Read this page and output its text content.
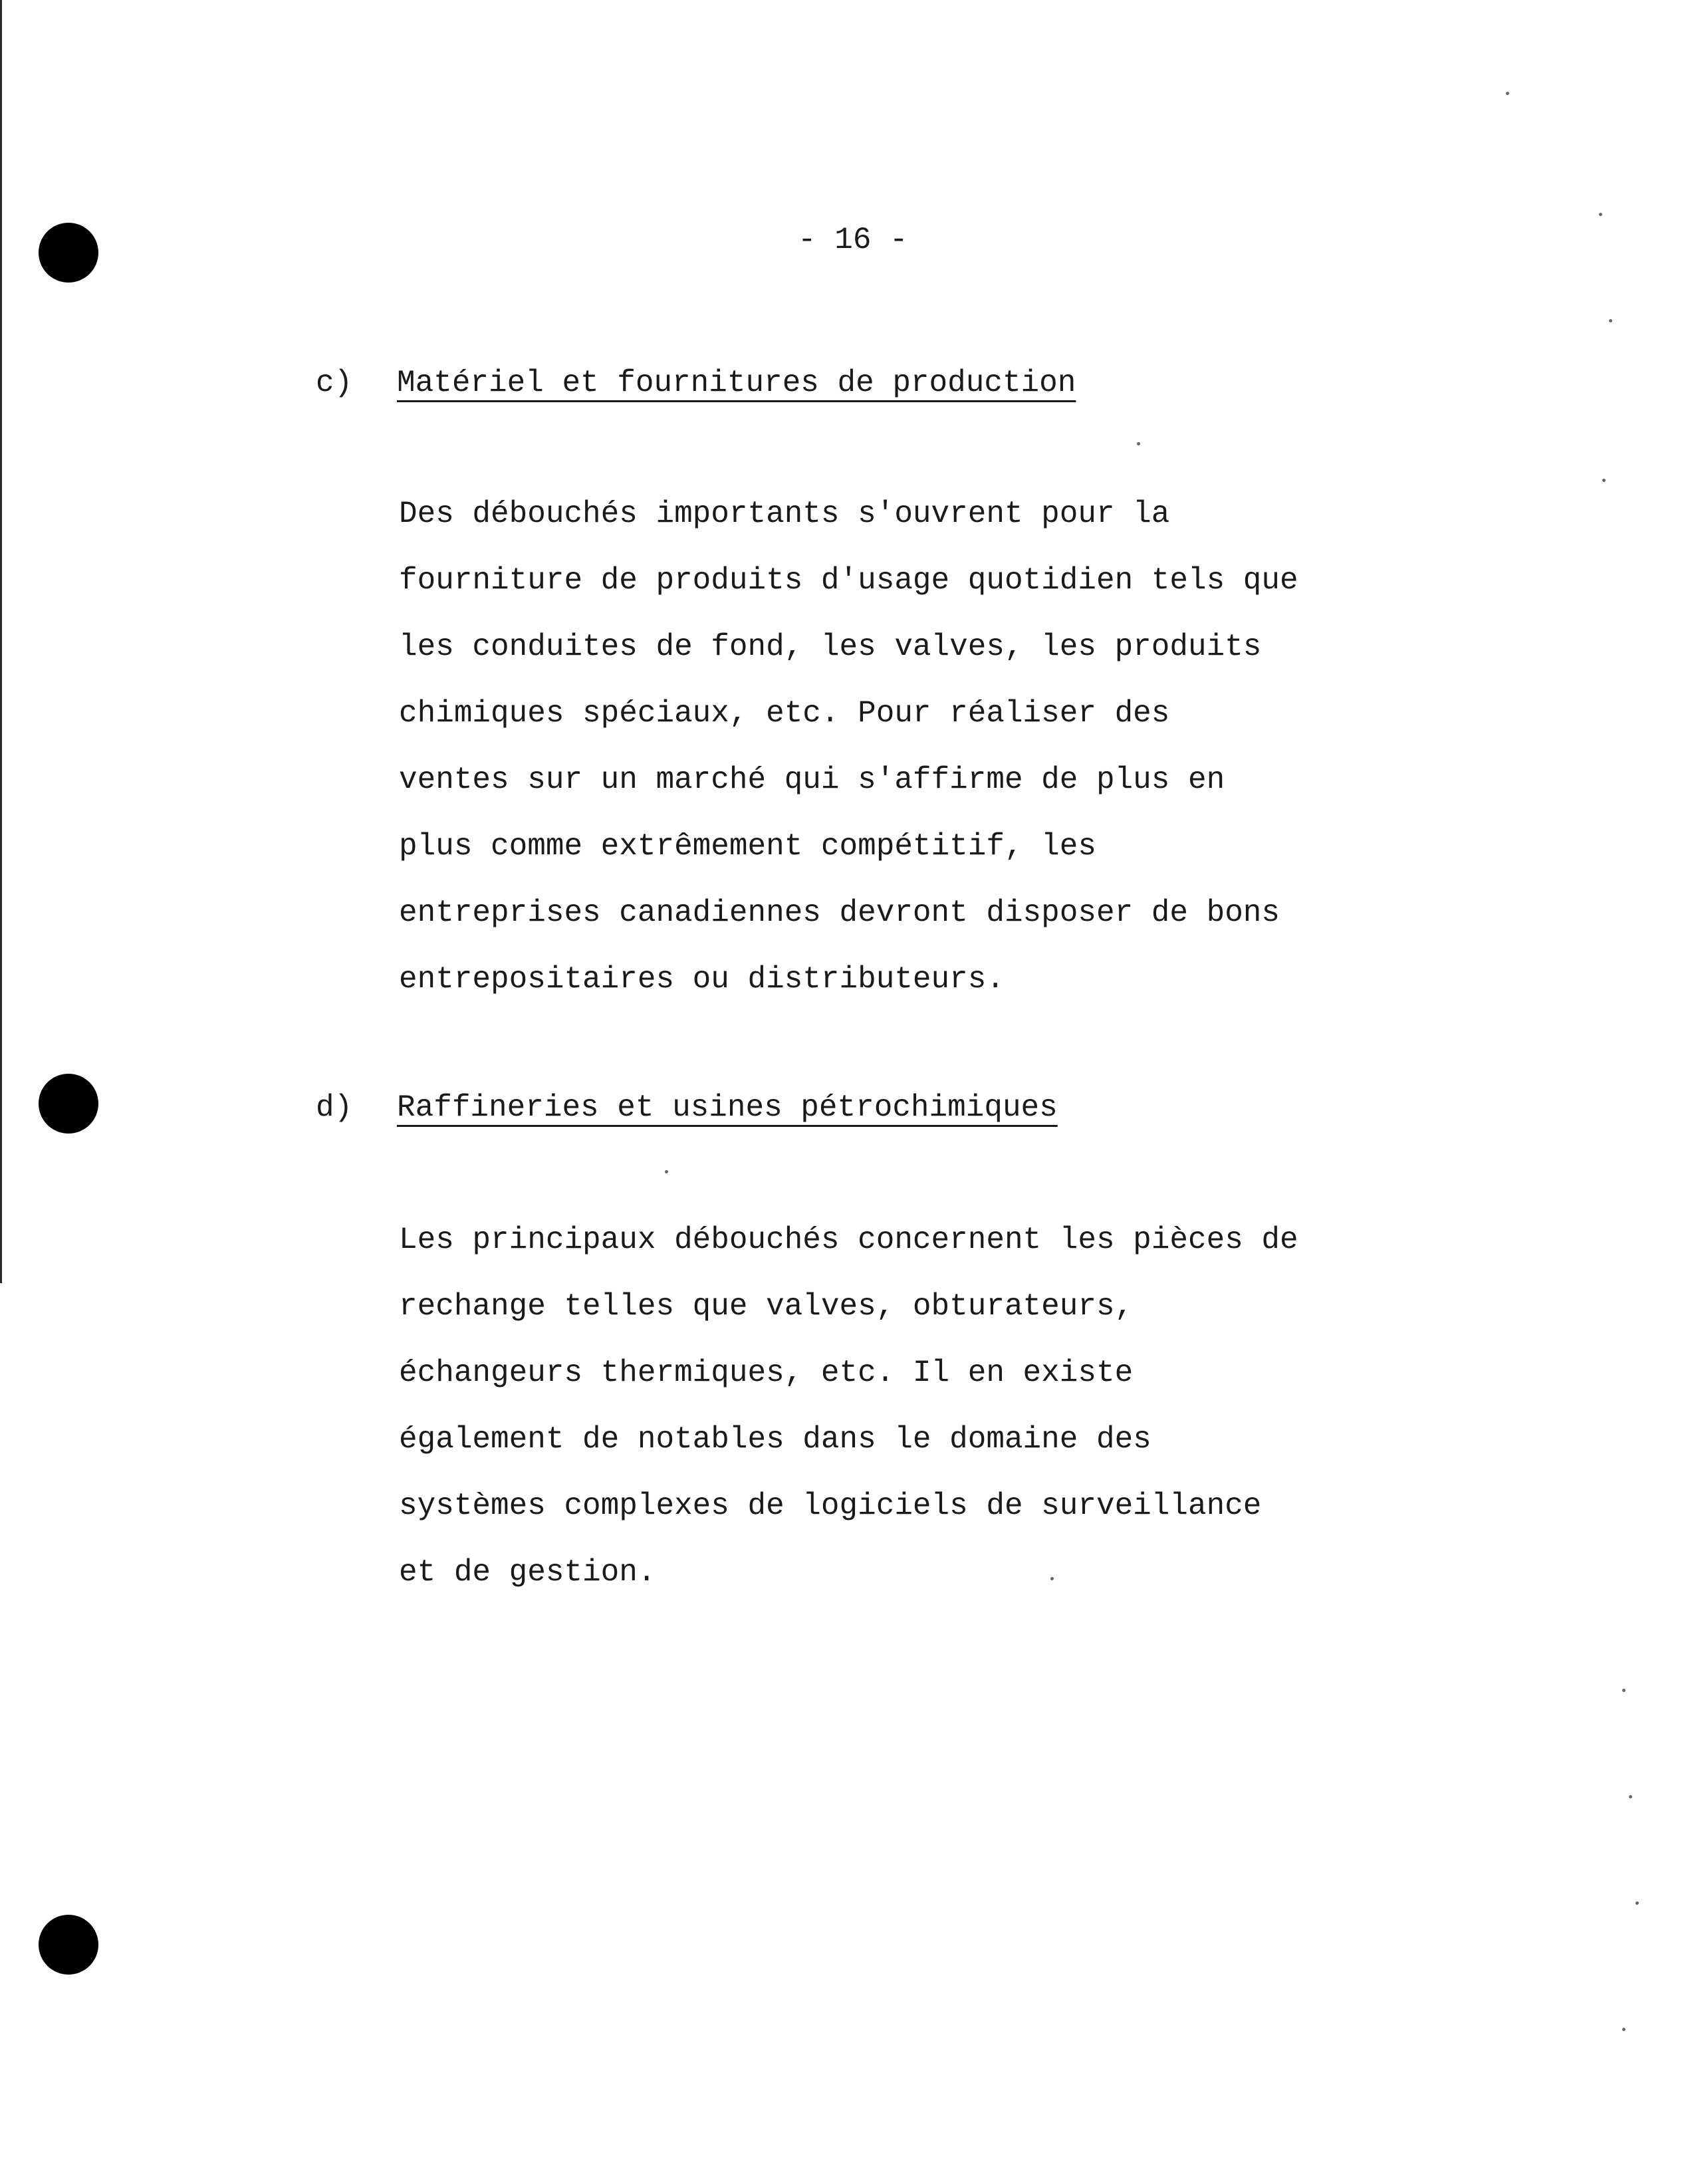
- 16 -
c) Matériel et fournitures de production
Des débouchés importants s'ouvrent pour la
fourniture de produits d'usage quotidien tels que
les conduites de fond, les valves, les produits
chimiques spéciaux, etc. Pour réaliser des
ventes sur un marché qui s'affirme de plus en
plus comme extrêmement compétitif, les
entreprises canadiennes devront disposer de bons
entrepositaires ou distributeurs.
d) Raffineries et usines pétrochimiques
Les principaux débouchés concernent les pièces de
rechange telles que valves, obturateurs,
échangeurs thermiques, etc. Il en existe
également de notables dans le domaine des
systèmes complexes de logiciels de surveillance
et de gestion.
